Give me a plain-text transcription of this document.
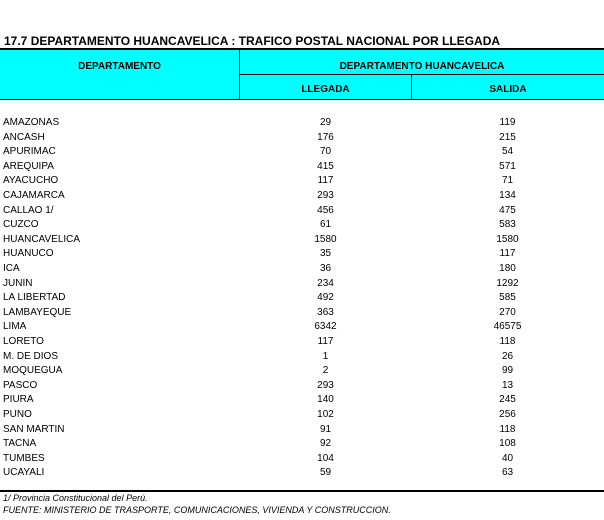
17.7 DEPARTAMENTO HUANCAVELICA : TRAFICO POSTAL NACIONAL POR LLEGADA

DEPARTAMENTO	DEPARTAMENTO HUANCAVELICA
LLEGADA	SALIDA
AMAZONAS	29	119
ANCASH	176	215
APURIMAC	70	54
AREQUIPA	415	571
AYACUCHO	117	71
CAJAMARCA	293	134
CALLAO 1/	456	475
CUZCO	61	583
HUANCAVELICA	1580	1580
HUANUCO	35	117
ICA	36	180
JUNIN	234	1292
LA LIBERTAD	492	585
LAMBAYEQUE	363	270
LIMA	6342	46575
LORETO	117	118
M. DE DIOS	1	26
MOQUEGUA	2	99
PASCO	293	13
PIURA	140	245
PUNO	102	256
SAN MARTIN	91	118
TACNA	92	108
TUMBES	104	40
UCAYALI	59	63
1/ Provincia Constitucional del Perú.
FUENTE: MINISTERIO DE TRASPORTE, COMUNICACIONES, VIVIENDA Y CONSTRUCCION.
